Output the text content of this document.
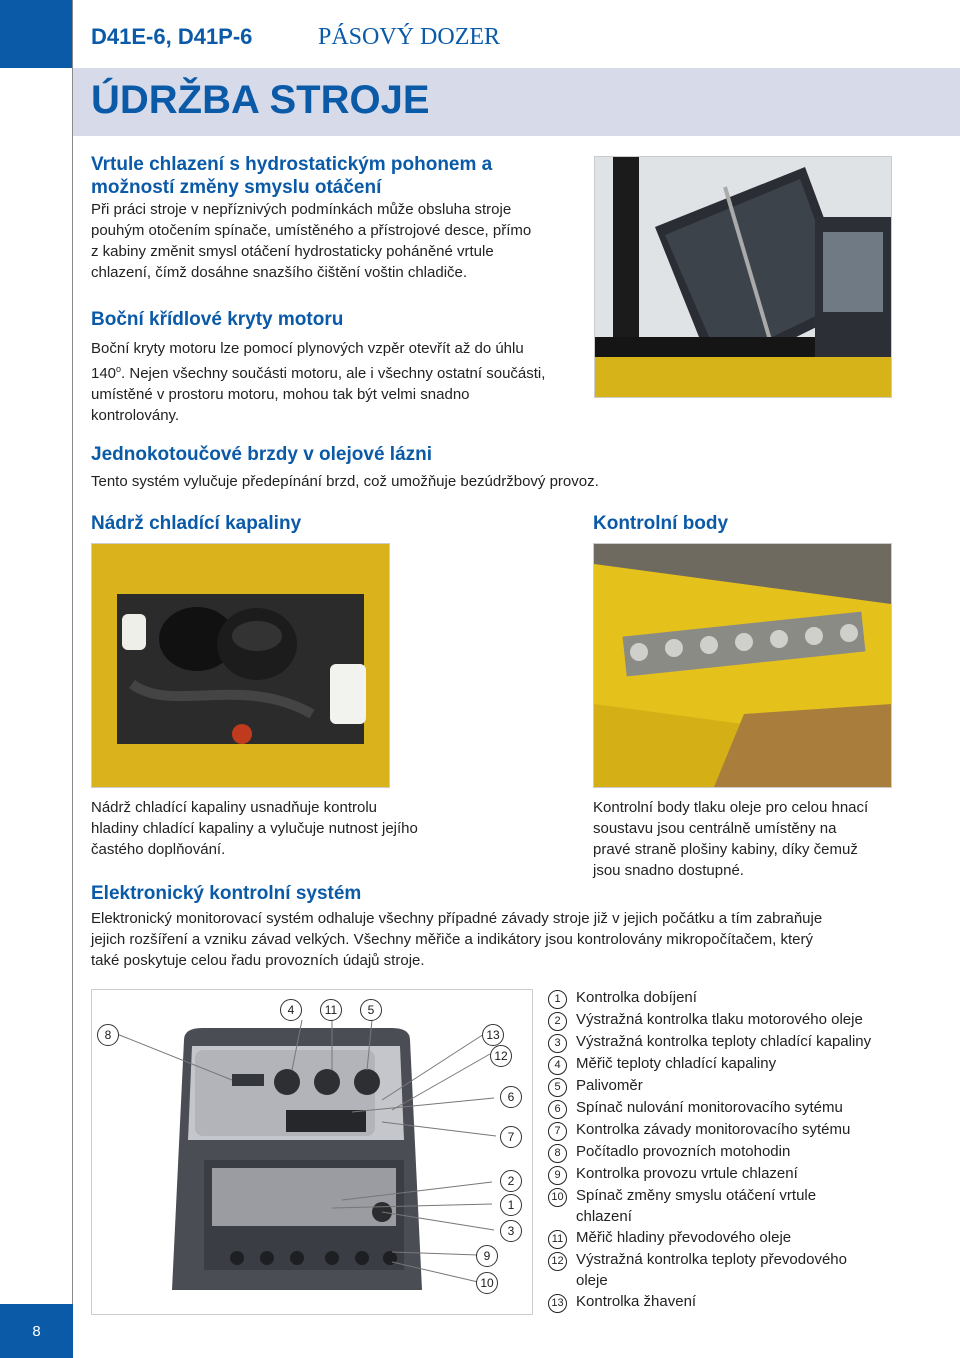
D41E-6, D41P-6	PÁSOVÝ DOZER
ÚDRŽBA STROJE
Vrtule chlazení s hydrostatickým pohonem a
možností změny smyslu otáčení

Při práci stroje v nepříznivých podmínkách může obsluha stroje

pouhým otočením spínače, umístěného a přístrojové desce, přímo

z kabiny změnit smysl otáčení hydrostaticky poháněné vrtule

chlazení, čímž dosáhne snazšího čištění voštin chladiče.

Boční křídlové kryty motoru

Boční kryty motoru lze pomocí plynových vzpěr otevřít až do úhlu

140$^o$. Nejen všechny součásti motoru, ale i všechny ostatní součásti,

umístěné v prostoru motoru, mohou tak být velmi snadno

kontrolovány.

Jednokotoučové brzdy v olejové lázni

Tento systém vylučuje předepínání brzd, což umožňuje bezúdržbový provoz.

Nádrž chladící kapaliny	Kontrolní body

Nádrž chladící kapaliny usnadňuje kontrolu

hladiny chladící kapaliny a vylučuje nutnost jejího

častého doplňování.

Kontrolní body tlaku oleje pro celou hnací

soustavu jsou centrálně umístěny na

pravé straně plošiny kabiny, díky čemuž

jsou snadno dostupné.

Elektronický kontrolní systém

Elektronický monitorovací systém odhaluje všechny případné závady stroje již v jejich počátku a tím zabraňuje

jejich rozšíření a vzniku závad velkých. Všechny měřiče a indikátory jsou kontrolovány mikropočítačem, který

také poskytuje celou řadu provozních údajů stroje.

4	11	5
8	13
12
6
7
2
1
3
9
10
1	Kontrolka dobíjení
2	Výstražná kontrolka tlaku motorového oleje
3	Výstražná kontrolka teploty chladící kapaliny
4	Měřič teploty chladící kapaliny
5	Palivoměr
6	Spínač nulování monitorovacího sytému
7	Kontrolka závady monitorovacího sytému
8	Počítadlo provozních motohodin
9	Kontrolka provozu vrtule chlazení
10 Spínač změny smyslu otáčení vrtule
chlazení
11 Měřič hladiny převodového oleje
12 Výstražná kontrolka teploty převodového
oleje
13 Kontrolka žhavení
8
